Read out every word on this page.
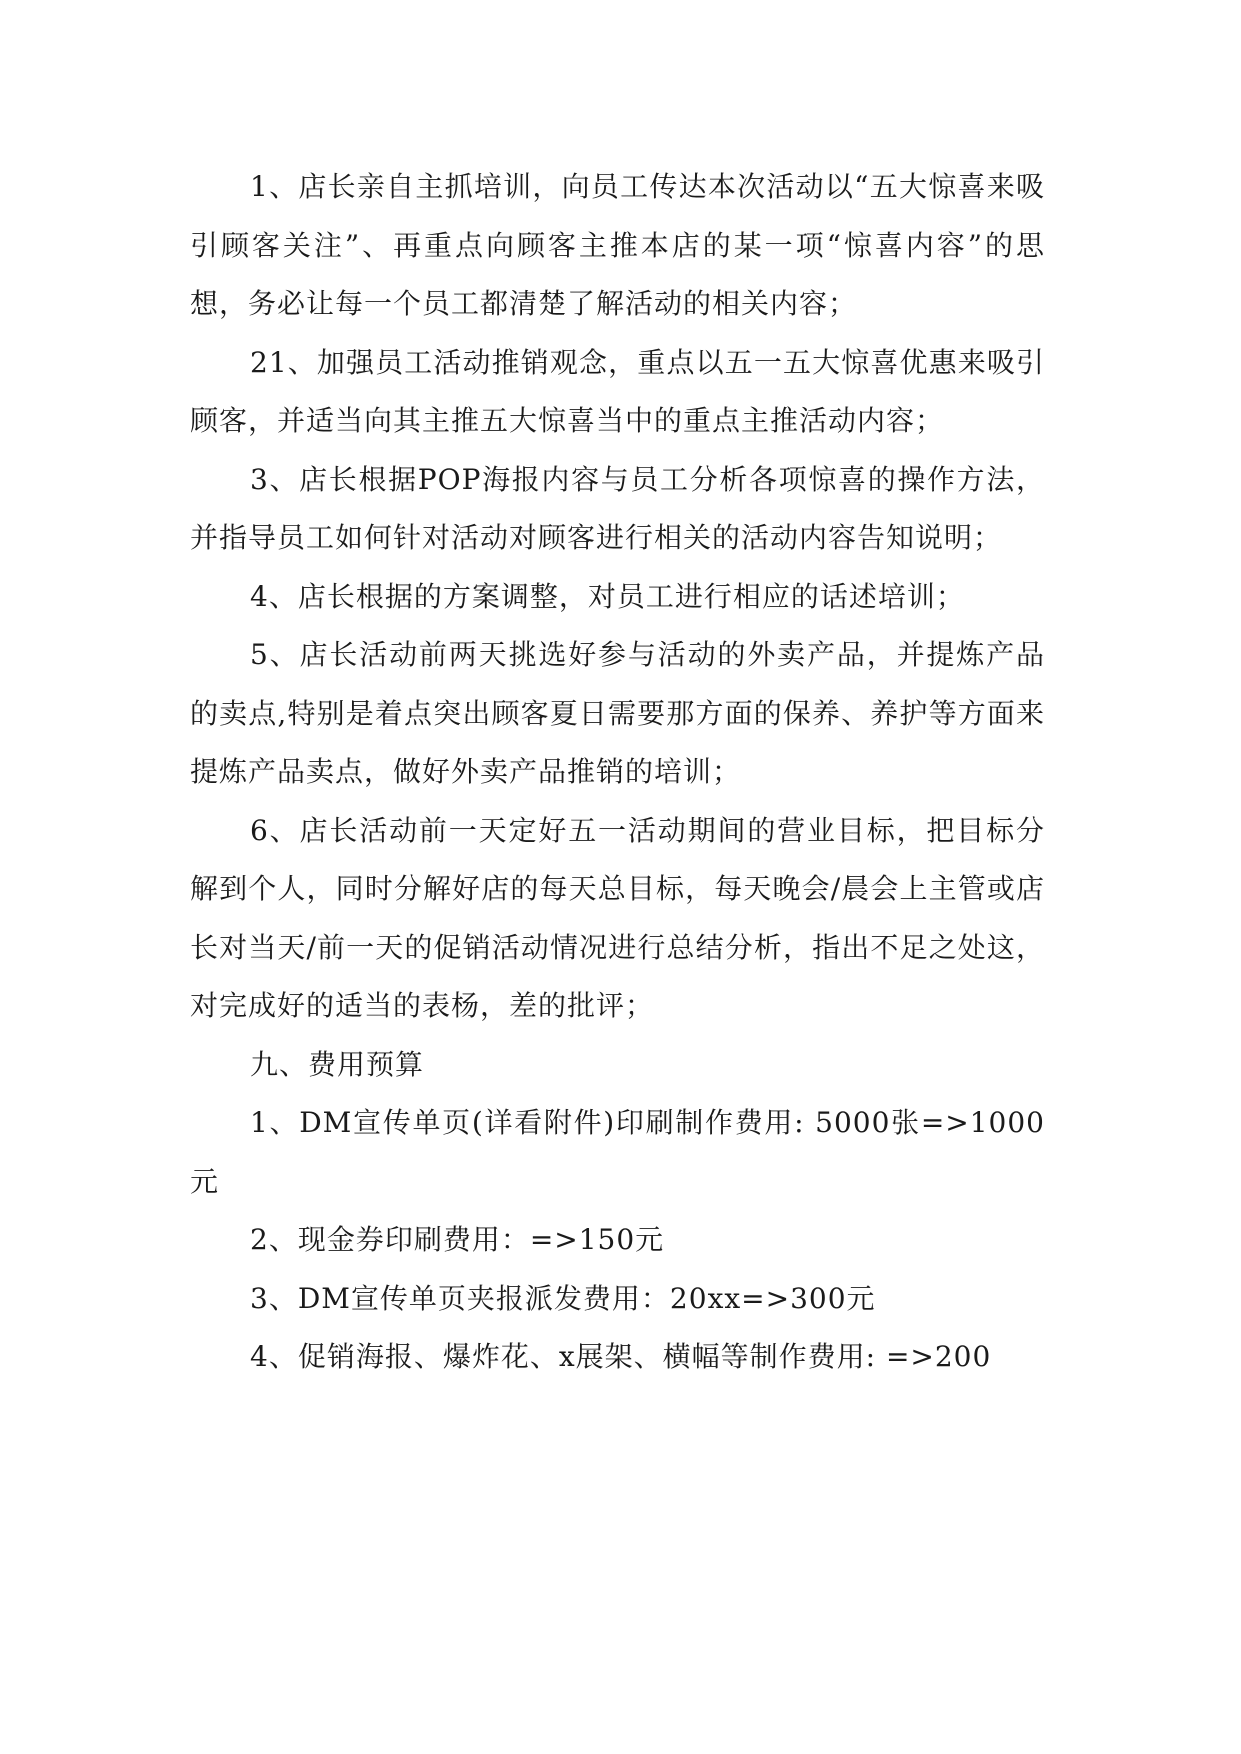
1、店长亲自主抓培训，向员工传达本次活动以“五大惊喜来吸引顾客关注”、再重点向顾客主推本店的某一项“惊喜内容”的思想，务必让每一个员工都清楚了解活动的相关内容；

21、加强员工活动推销观念，重点以五一五大惊喜优惠来吸引顾客，并适当向其主推五大惊喜当中的重点主推活动内容；

3、店长根据POP海报内容与员工分析各项惊喜的操作方法，并指导员工如何针对活动对顾客进行相关的活动内容告知说明；

4、店长根据的方案调整，对员工进行相应的话述培训；

5、店长活动前两天挑选好参与活动的外卖产品，并提炼产品的卖点,特别是着点突出顾客夏日需要那方面的保养、养护等方面来提炼产品卖点，做好外卖产品推销的培训；

6、店长活动前一天定好五一活动期间的营业目标，把目标分解到个人，同时分解好店的每天总目标，每天晚会/晨会上主管或店长对当天/前一天的促销活动情况进行总结分析，指出不足之处这，对完成好的适当的表杨，差的批评；

九、费用预算

1、DM宣传单页(详看附件)印刷制作费用: 5000张=>1000元

2、现金券印刷费用：=>150元

3、DM宣传单页夹报派发费用：20xx=>300元

4、促销海报、爆炸花、x展架、横幅等制作费用: =>200
